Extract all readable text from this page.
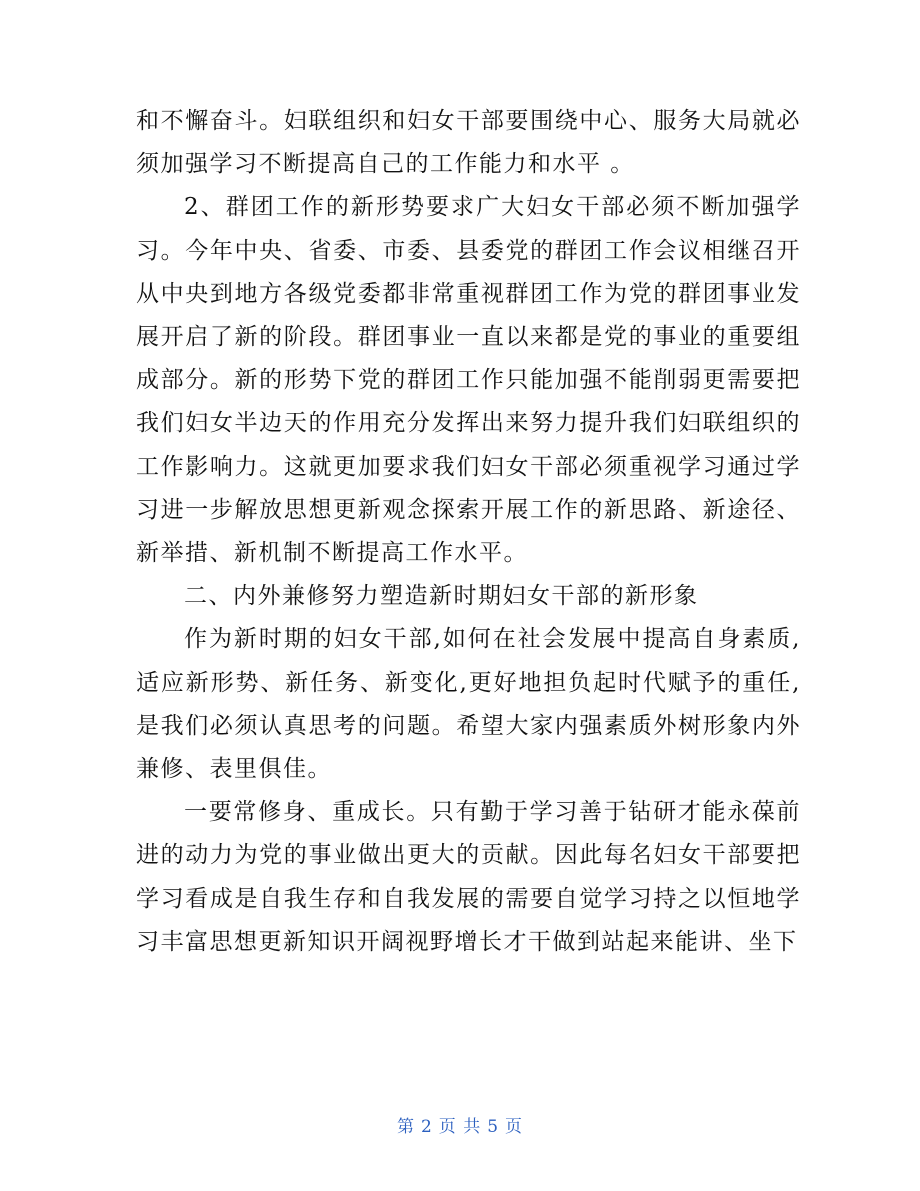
和不懈奋斗。妇联组织和妇女干部要围绕中心、服务大局就必须加强学习不断提高自己的工作能力和水平 。

2、群团工作的新形势要求广大妇女干部必须不断加强学习。今年中央、省委、市委、县委党的群团工作会议相继召开从中央到地方各级党委都非常重视群团工作为党的群团事业发展开启了新的阶段。群团事业一直以来都是党的事业的重要组成部分。新的形势下党的群团工作只能加强不能削弱更需要把我们妇女半边天的作用充分发挥出来努力提升我们妇联组织的工作影响力。这就更加要求我们妇女干部必须重视学习通过学习进一步解放思想更新观念探索开展工作的新思路、新途径、新举措、新机制不断提高工作水平。

二、内外兼修努力塑造新时期妇女干部的新形象

作为新时期的妇女干部,如何在社会发展中提高自身素质,适应新形势、新任务、新变化,更好地担负起时代赋予的重任,是我们必须认真思考的问题。希望大家内强素质外树形象内外兼修、表里俱佳。

一要常修身、重成长。只有勤于学习善于钻研才能永葆前进的动力为党的事业做出更大的贡献。因此每名妇女干部要把学习看成是自我生存和自我发展的需要自觉学习持之以恒地学习丰富思想更新知识开阔视野增长才干做到站起来能讲、坐下

第 2 页 共 5 页
